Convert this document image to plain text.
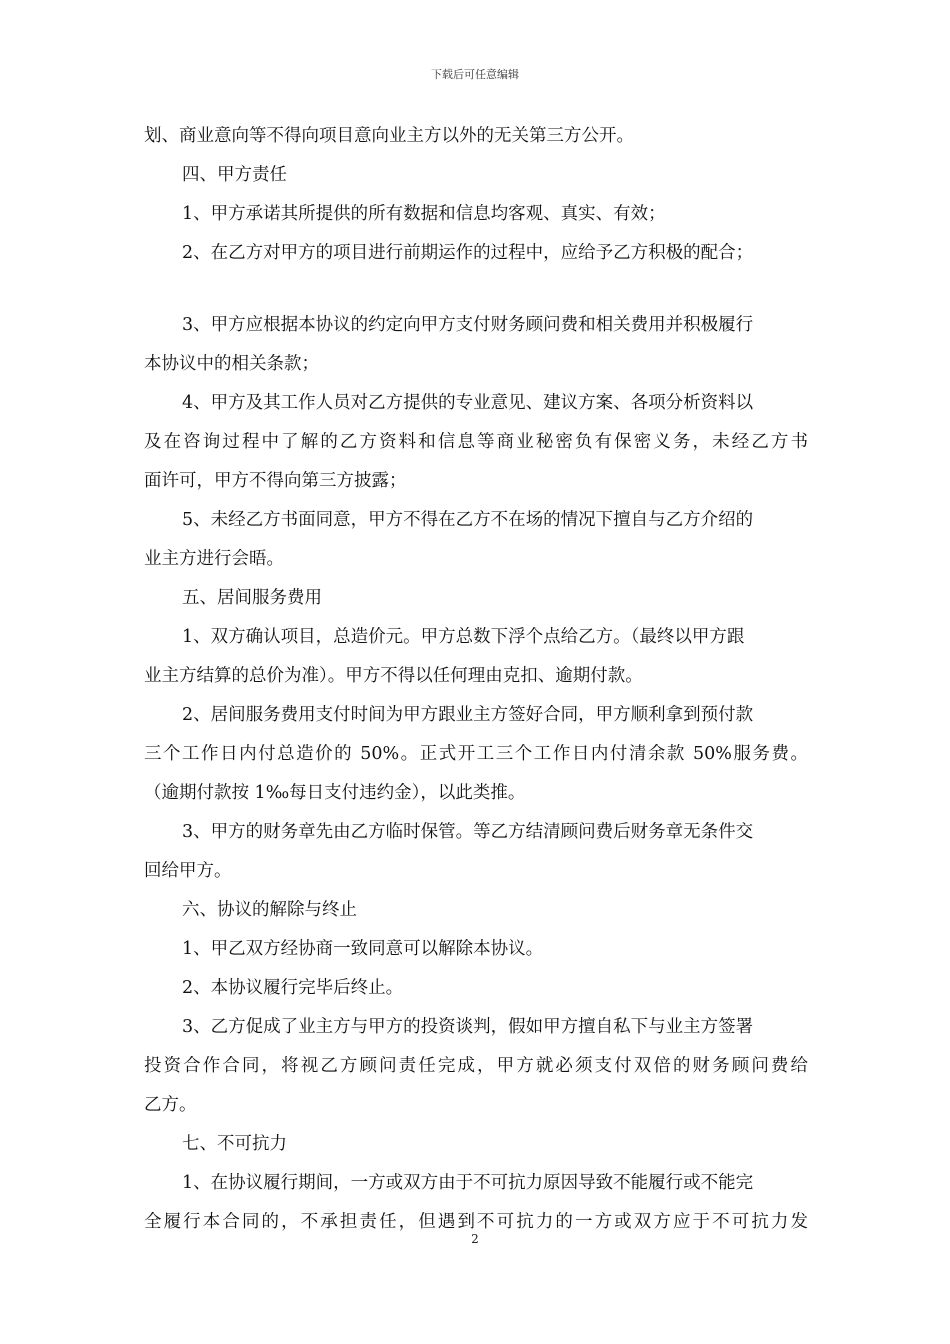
下载后可任意编辑
划、商业意向等不得向项目意向业主方以外的无关第三方公开。
四、甲方责任
1、甲方承诺其所提供的所有数据和信息均客观、真实、有效；
2、在乙方对甲方的项目进行前期运作的过程中，应给予乙方积极的配合；
3、甲方应根据本协议的约定向甲方支付财务顾问费和相关费用并积极履行
本协议中的相关条款；
4、甲方及其工作人员对乙方提供的专业意见、建议方案、各项分析资料以
及在咨询过程中了解的乙方资料和信息等商业秘密负有保密义务，未经乙方书
面许可，甲方不得向第三方披露；
5、未经乙方书面同意，甲方不得在乙方不在场的情况下擅自与乙方介绍的
业主方进行会晤。
五、居间服务费用
1、双方确认项目，总造价元。甲方总数下浮个点给乙方。（最终以甲方跟
业主方结算的总价为准）。甲方不得以任何理由克扣、逾期付款。
2、居间服务费用支付时间为甲方跟业主方签好合同，甲方顺利拿到预付款
三个工作日内付总造价的 50%。正式开工三个工作日内付清余款 50%服务费。
（逾期付款按 1‰每日支付违约金），以此类推。
3、甲方的财务章先由乙方临时保管。等乙方结清顾问费后财务章无条件交
回给甲方。
六、协议的解除与终止
1、甲乙双方经协商一致同意可以解除本协议。
2、本协议履行完毕后终止。
3、乙方促成了业主方与甲方的投资谈判，假如甲方擅自私下与业主方签署
投资合作合同，将视乙方顾问责任完成，甲方就必须支付双倍的财务顾问费给
乙方。
七、不可抗力
1、在协议履行期间，一方或双方由于不可抗力原因导致不能履行或不能完
全履行本合同的，不承担责任，但遇到不可抗力的一方或双方应于不可抗力发
2
